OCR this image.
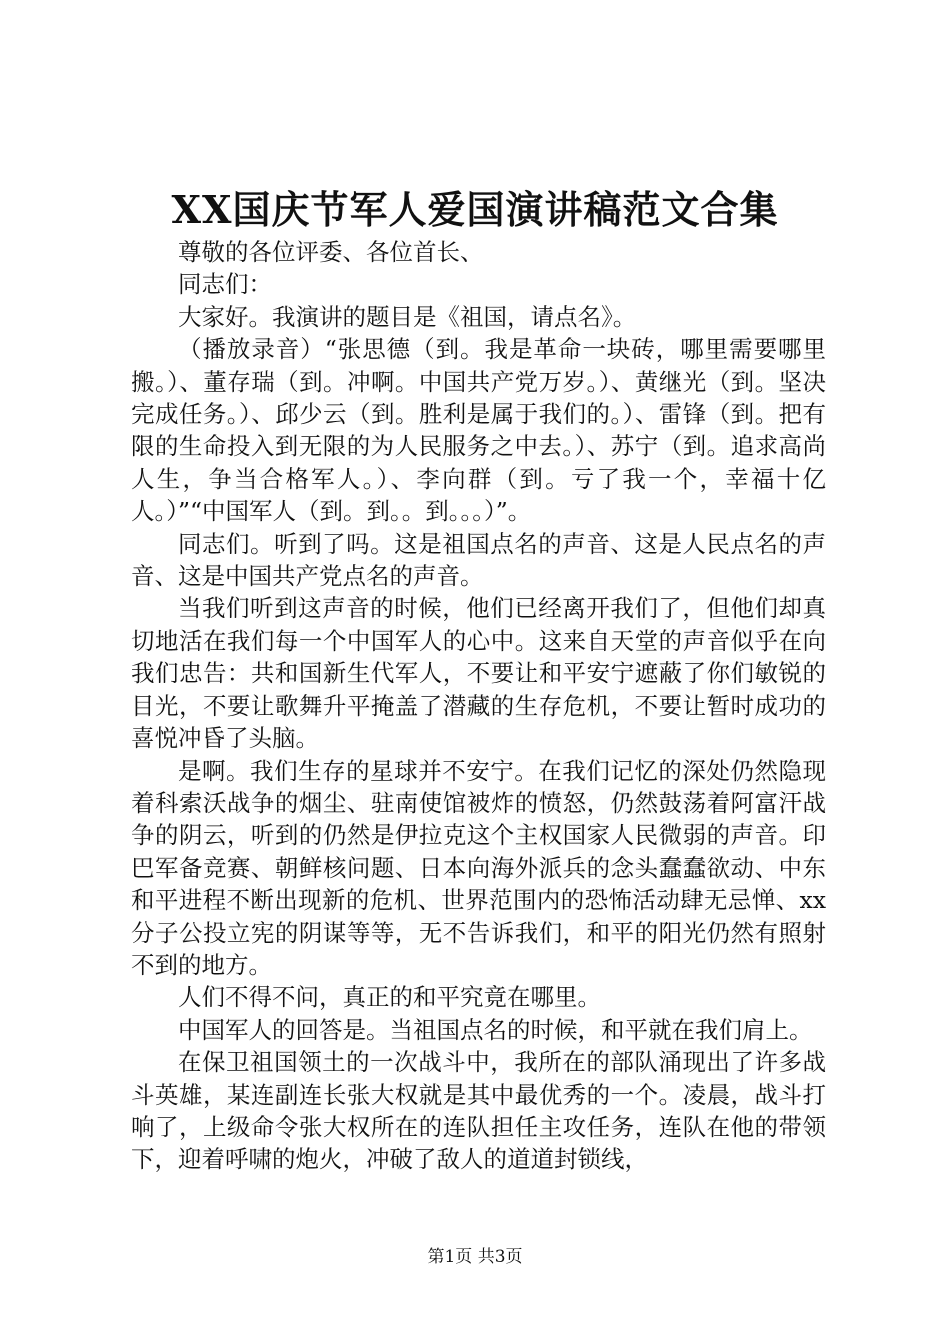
XX国庆节军人爱国演讲稿范文合集

尊敬的各位评委、各位首长、

同志们：

大家好。我演讲的题目是《祖国，请点名》。

（播放录音）“张思德（到。我是革命一块砖，哪里需要哪里搬。）、董存瑞（到。冲啊。中国共产党万岁。）、黄继光（到。坚决完成任务。）、邱少云（到。胜利是属于我们的。）、雷锋（到。把有限的生命投入到无限的为人民服务之中去。）、苏宁（到。追求高尚人生，争当合格军人。）、李向群（到。亏了我一个，幸福十亿人。）”“中国军人（到。到。。到。。。）”。

同志们。听到了吗。这是祖国点名的声音、这是人民点名的声音、这是中国共产党点名的声音。

当我们听到这声音的时候，他们已经离开我们了，但他们却真切地活在我们每一个中国军人的心中。这来自天堂的声音似乎在向我们忠告：共和国新生代军人，不要让和平安宁遮蔽了你们敏锐的目光，不要让歌舞升平掩盖了潜藏的生存危机，不要让暂时成功的喜悦冲昏了头脑。

是啊。我们生存的星球并不安宁。在我们记忆的深处仍然隐现着科索沃战争的烟尘、驻南使馆被炸的愤怒，仍然鼓荡着阿富汗战争的阴云，听到的仍然是伊拉克这个主权国家人民微弱的声音。印巴军备竞赛、朝鲜核问题、日本向海外派兵的念头蠢蠢欲动、中东和平进程不断出现新的危机、世界范围内的恐怖活动肆无忌惮、xx分子公投立宪的阴谋等等，无不告诉我们，和平的阳光仍然有照射不到的地方。

人们不得不问，真正的和平究竟在哪里。

中国军人的回答是。当祖国点名的时候，和平就在我们肩上。

在保卫祖国领土的一次战斗中，我所在的部队涌现出了许多战斗英雄，某连副连长张大权就是其中最优秀的一个。凌晨，战斗打响了，上级命令张大权所在的连队担任主攻任务，连队在他的带领下，迎着呼啸的炮火，冲破了敌人的道道封锁线，

第1页 共3页
